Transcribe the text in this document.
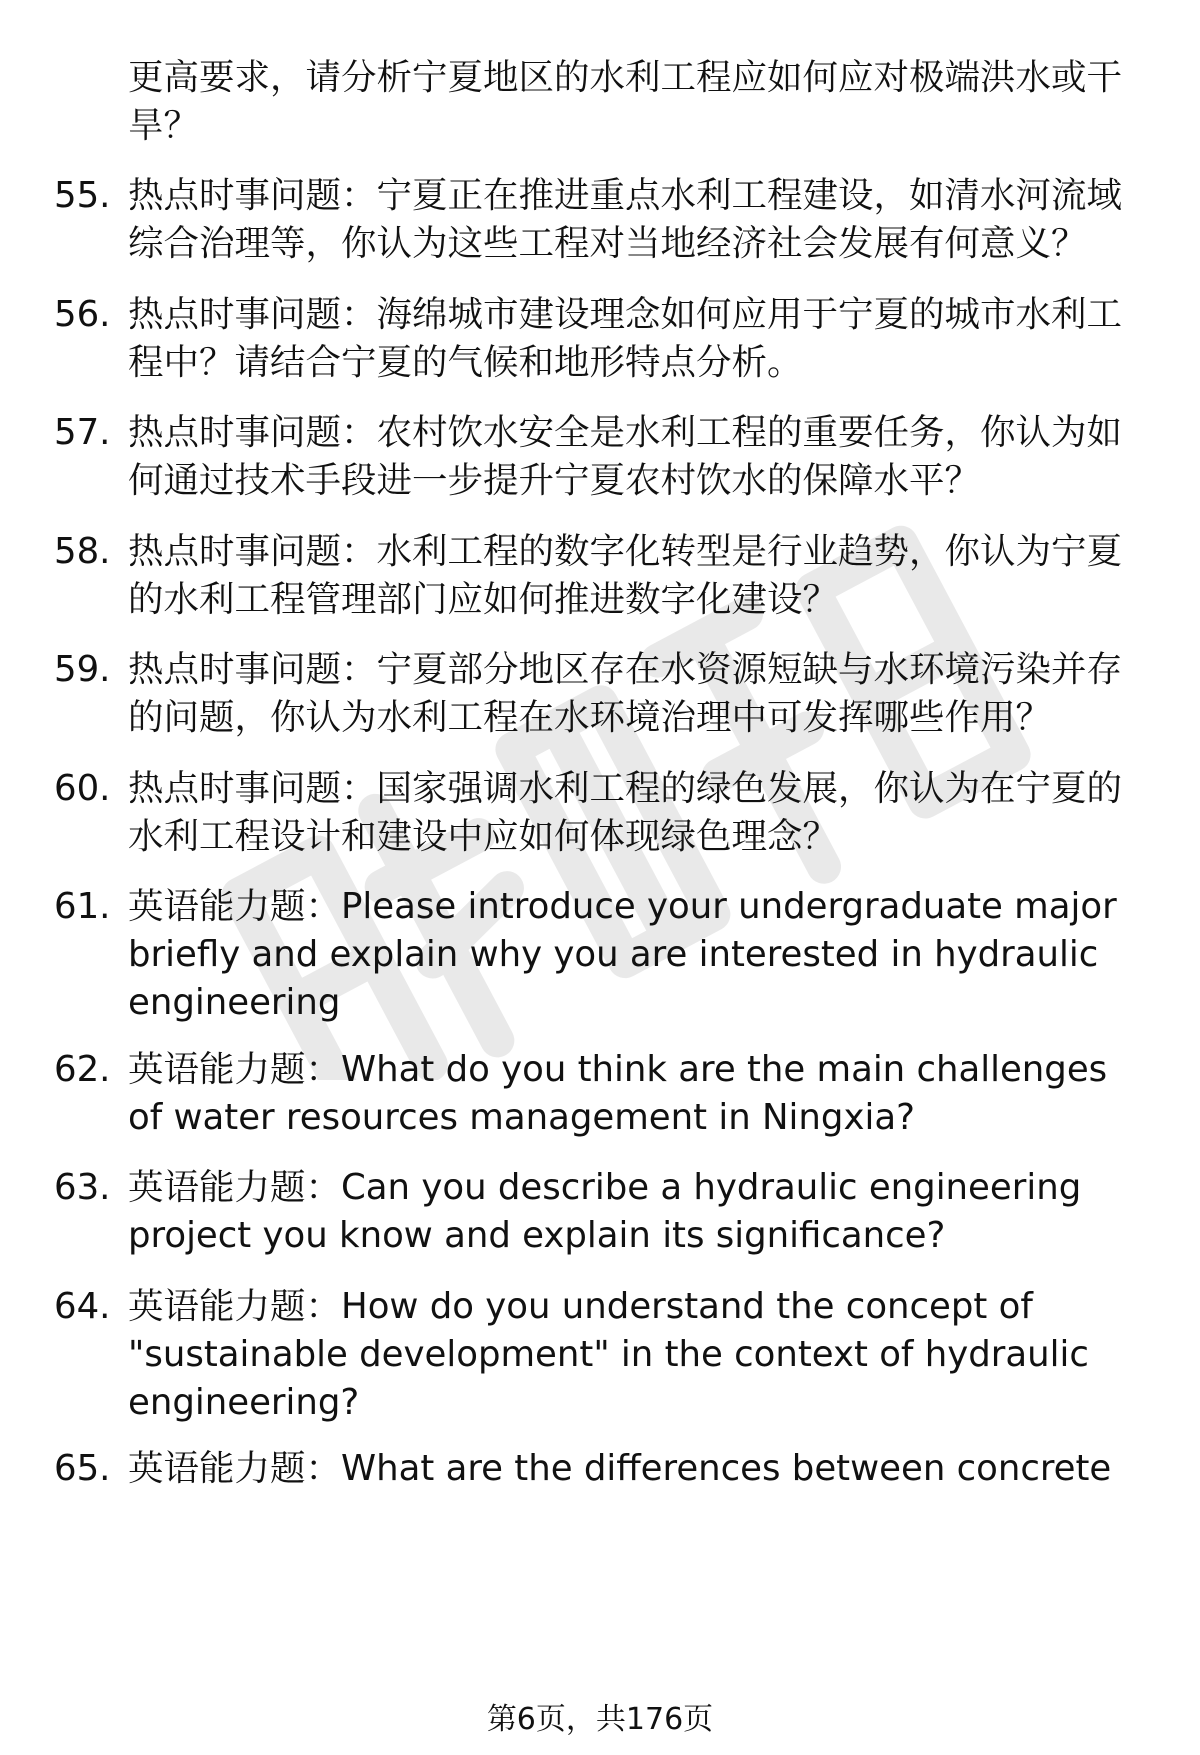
更高要求，请分析宁夏地区的水利工程应如何应对极端洪水或干旱？
55. 热点时事问题：宁夏正在推进重点水利工程建设，如清水河流域综合治理等，你认为这些工程对当地经济社会发展有何意义？
56. 热点时事问题：海绵城市建设理念如何应用于宁夏的城市水利工程中？请结合宁夏的气候和地形特点分析。
57. 热点时事问题：农村饮水安全是水利工程的重要任务，你认为如何通过技术手段进一步提升宁夏农村饮水的保障水平？
58. 热点时事问题：水利工程的数字化转型是行业趋势，你认为宁夏的水利工程管理部门应如何推进数字化建设？
59. 热点时事问题：宁夏部分地区存在水资源短缺与水环境污染并存的问题，你认为水利工程在水环境治理中可发挥哪些作用？
60. 热点时事问题：国家强调水利工程的绿色发展，你认为在宁夏的水利工程设计和建设中应如何体现绿色理念？
61. 英语能力题：Please introduce your undergraduate major briefly and explain why you are interested in hydraulic engineering
62. 英语能力题：What do you think are the main challenges of water resources management in Ningxia?
63. 英语能力题：Can you describe a hydraulic engineering project you know and explain its significance?
64. 英语能力题：How do you understand the concept of "sustainable development" in the context of hydraulic engineering?
65. 英语能力题：What are the differences between concrete
第6页，共176页
